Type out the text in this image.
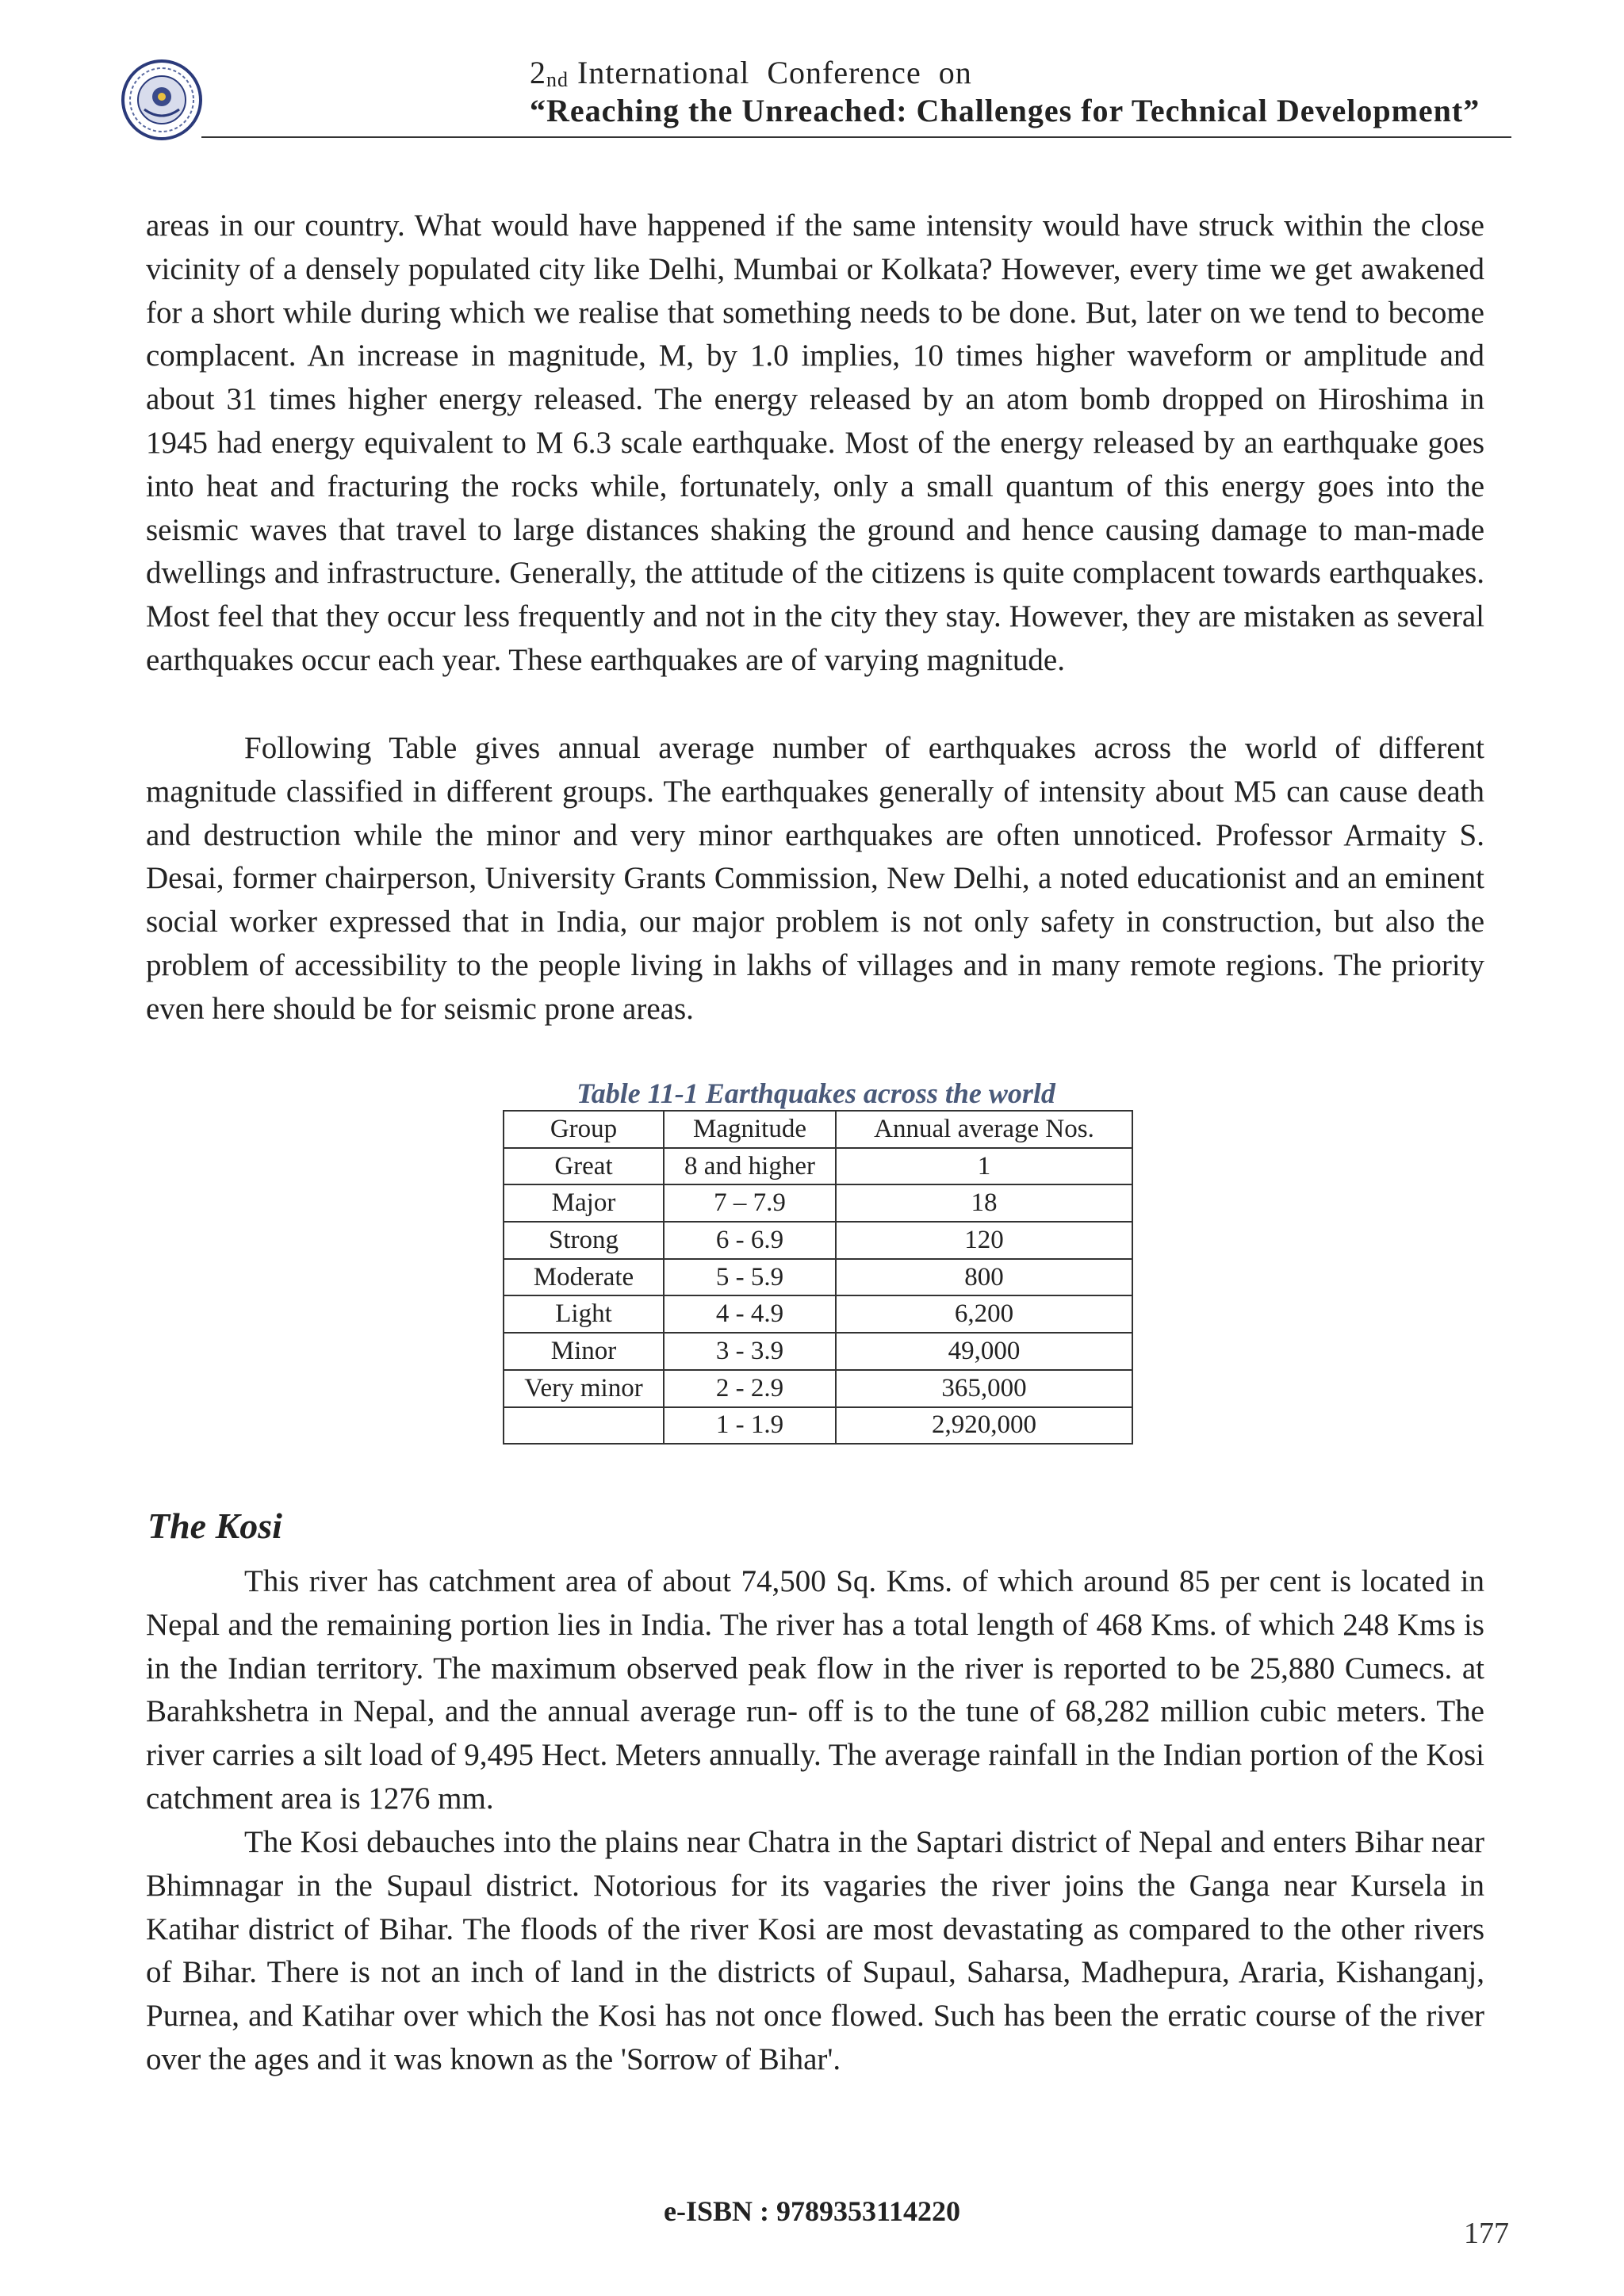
$2_{nd}$ International  Conference  on
“Reaching the Unreached: Challenges for Technical Development”

areas in our country. What would have happened if the same intensity would have struck within the close vicinity of a densely populated city like Delhi, Mumbai or Kolkata? However, every time we get awakened for a short while during which we realise that something needs to be done. But, later on we tend to become complacent. An increase in magnitude, M, by 1.0 implies, 10 times higher waveform or amplitude and about 31 times higher energy released. The energy released by an atom bomb dropped on Hiroshima in 1945 had energy equivalent to M 6.3 scale earthquake. Most of the energy released by an earthquake goes into heat and fracturing the rocks while, fortunately, only a small quantum of this energy goes into the seismic waves that travel to large distances shaking the ground and hence causing damage to man-made dwellings and infrastructure. Generally, the attitude of the citizens is quite complacent towards earthquakes. Most feel that they occur less frequently and not in the city they stay. However, they are mistaken as several earthquakes occur each year. These earthquakes are of varying magnitude.

Following Table gives annual average number of earthquakes across the world of different magnitude classified in different groups. The earthquakes generally of intensity about M5 can cause death and destruction while the minor and very minor earthquakes are often unnoticed. Professor Armaity S. Desai, former chairperson, University Grants Commission, New Delhi, a noted educationist and an eminent social worker expressed that in India, our major problem is not only safety in construction, but also the problem of accessibility to the people living in lakhs of villages and in many remote regions. The priority even here should be for seismic prone areas.

Table 11-1 Earthquakes across the world
Group	Magnitude	Annual average Nos.
Great	8 and higher	1
Major	7 – 7.9	18
Strong	6 - 6.9	120
Moderate	5 - 5.9	800
Light	4 - 4.9	6,200
Minor	3 - 3.9	49,000
Very minor	2 - 2.9	365,000
	1 - 1.9	2,920,000
The Kosi

This river has catchment area of about 74,500 Sq. Kms. of which around 85 per cent is located in Nepal and the remaining portion lies in India. The river has a total length of 468 Kms. of which 248 Kms is in the Indian territory. The maximum observed peak flow in the river is reported to be 25,880 Cumecs. at Barahkshetra in Nepal, and the annual average run- off is to the tune of 68,282 million cubic meters. The river carries a silt load of 9,495 Hect. Meters annually. The average rainfall in the Indian portion of the Kosi catchment area is 1276 mm.

The Kosi debauches into the plains near Chatra in the Saptari district of Nepal and enters Bihar near Bhimnagar in the Supaul district. Notorious for its vagaries the river joins the Ganga near Kursela in Katihar district of Bihar. The floods of the river Kosi are most devastating as compared to the other rivers of Bihar. There is not an inch of land in the districts of Supaul, Saharsa, Madhepura, Araria, Kishanganj, Purnea, and Katihar over which the Kosi has not once flowed. Such has been the erratic course of the river over the ages and it was known as the 'Sorrow of Bihar'.

e-ISBN : 9789353114220
177
